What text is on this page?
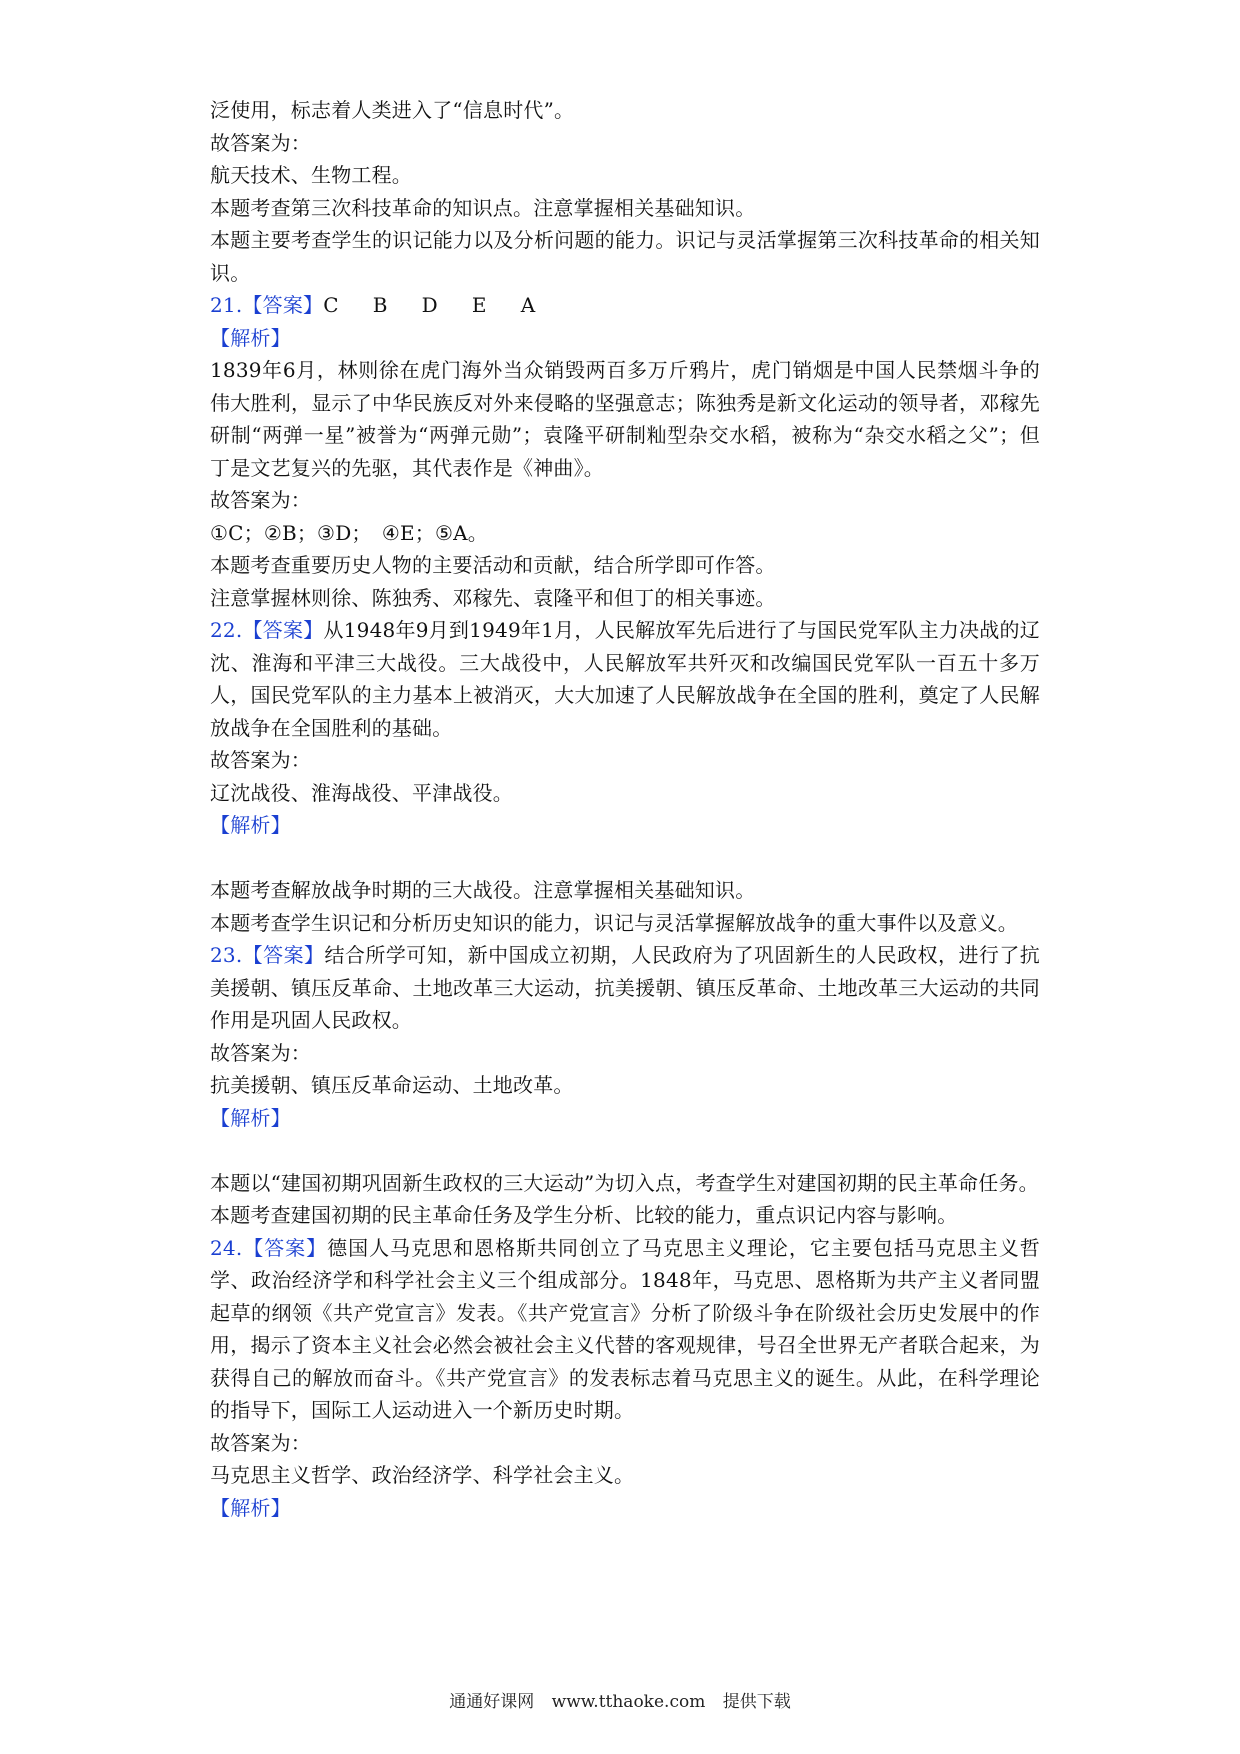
泛使用，标志着人类进入了“信息时代”。
故答案为：
航天技术、生物工程。
本题考查第三次科技革命的知识点。注意掌握相关基础知识。
本题主要考查学生的识记能力以及分析问题的能力。识记与灵活掌握第三次科技革命的相关知识。
21.【答案】C B D E A
【解析】
1839年6月，林则徐在虎门海外当众销毁两百多万斤鸦片，虎门销烟是中国人民禁烟斗争的伟大胜利，显示了中华民族反对外来侵略的坚强意志；陈独秀是新文化运动的领导者，邓稼先研制“两弹一星”被誉为“两弹元勋”；袁隆平研制籼型杂交水稻，被称为“杂交水稻之父”；但丁是文艺复兴的先驱，其代表作是《神曲》。
故答案为：
①C；②B；③D；　④E；⑤A。
本题考查重要历史人物的主要活动和贡献，结合所学即可作答。
注意掌握林则徐、陈独秀、邓稼先、袁隆平和但丁的相关事迹。
22.【答案】从1948年9月到1949年1月，人民解放军先后进行了与国民党军队主力决战的辽沈、淮海和平津三大战役。三大战役中，人民解放军共歼灭和改编国民党军队一百五十多万人，国民党军队的主力基本上被消灭，大大加速了人民解放战争在全国的胜利，奠定了人民解放战争在全国胜利的基础。
故答案为：
辽沈战役、淮海战役、平津战役。
【解析】
本题考查解放战争时期的三大战役。注意掌握相关基础知识。
本题考查学生识记和分析历史知识的能力，识记与灵活掌握解放战争的重大事件以及意义。
23.【答案】结合所学可知，新中国成立初期，人民政府为了巩固新生的人民政权，进行了抗美援朝、镇压反革命、土地改革三大运动，抗美援朝、镇压反革命、土地改革三大运动的共同作用是巩固人民政权。
故答案为：
抗美援朝、镇压反革命运动、土地改革。
【解析】
本题以“建国初期巩固新生政权的三大运动”为切入点，考查学生对建国初期的民主革命任务。
本题考查建国初期的民主革命任务及学生分析、比较的能力，重点识记内容与影响。
24.【答案】德国人马克思和恩格斯共同创立了马克思主义理论，它主要包括马克思主义哲学、政治经济学和科学社会主义三个组成部分。1848年，马克思、恩格斯为共产主义者同盟起草的纲领《共产党宣言》发表。《共产党宣言》分析了阶级斗争在阶级社会历史发展中的作用，揭示了资本主义社会必然会被社会主义代替的客观规律，号召全世界无产者联合起来，为获得自己的解放而奋斗。《共产党宣言》的发表标志着马克思主义的诞生。从此，在科学理论的指导下，国际工人运动进入一个新历史时期。
故答案为：
马克思主义哲学、政治经济学、科学社会主义。
【解析】
通通好课网 www.tthaoke.com 提供下载
